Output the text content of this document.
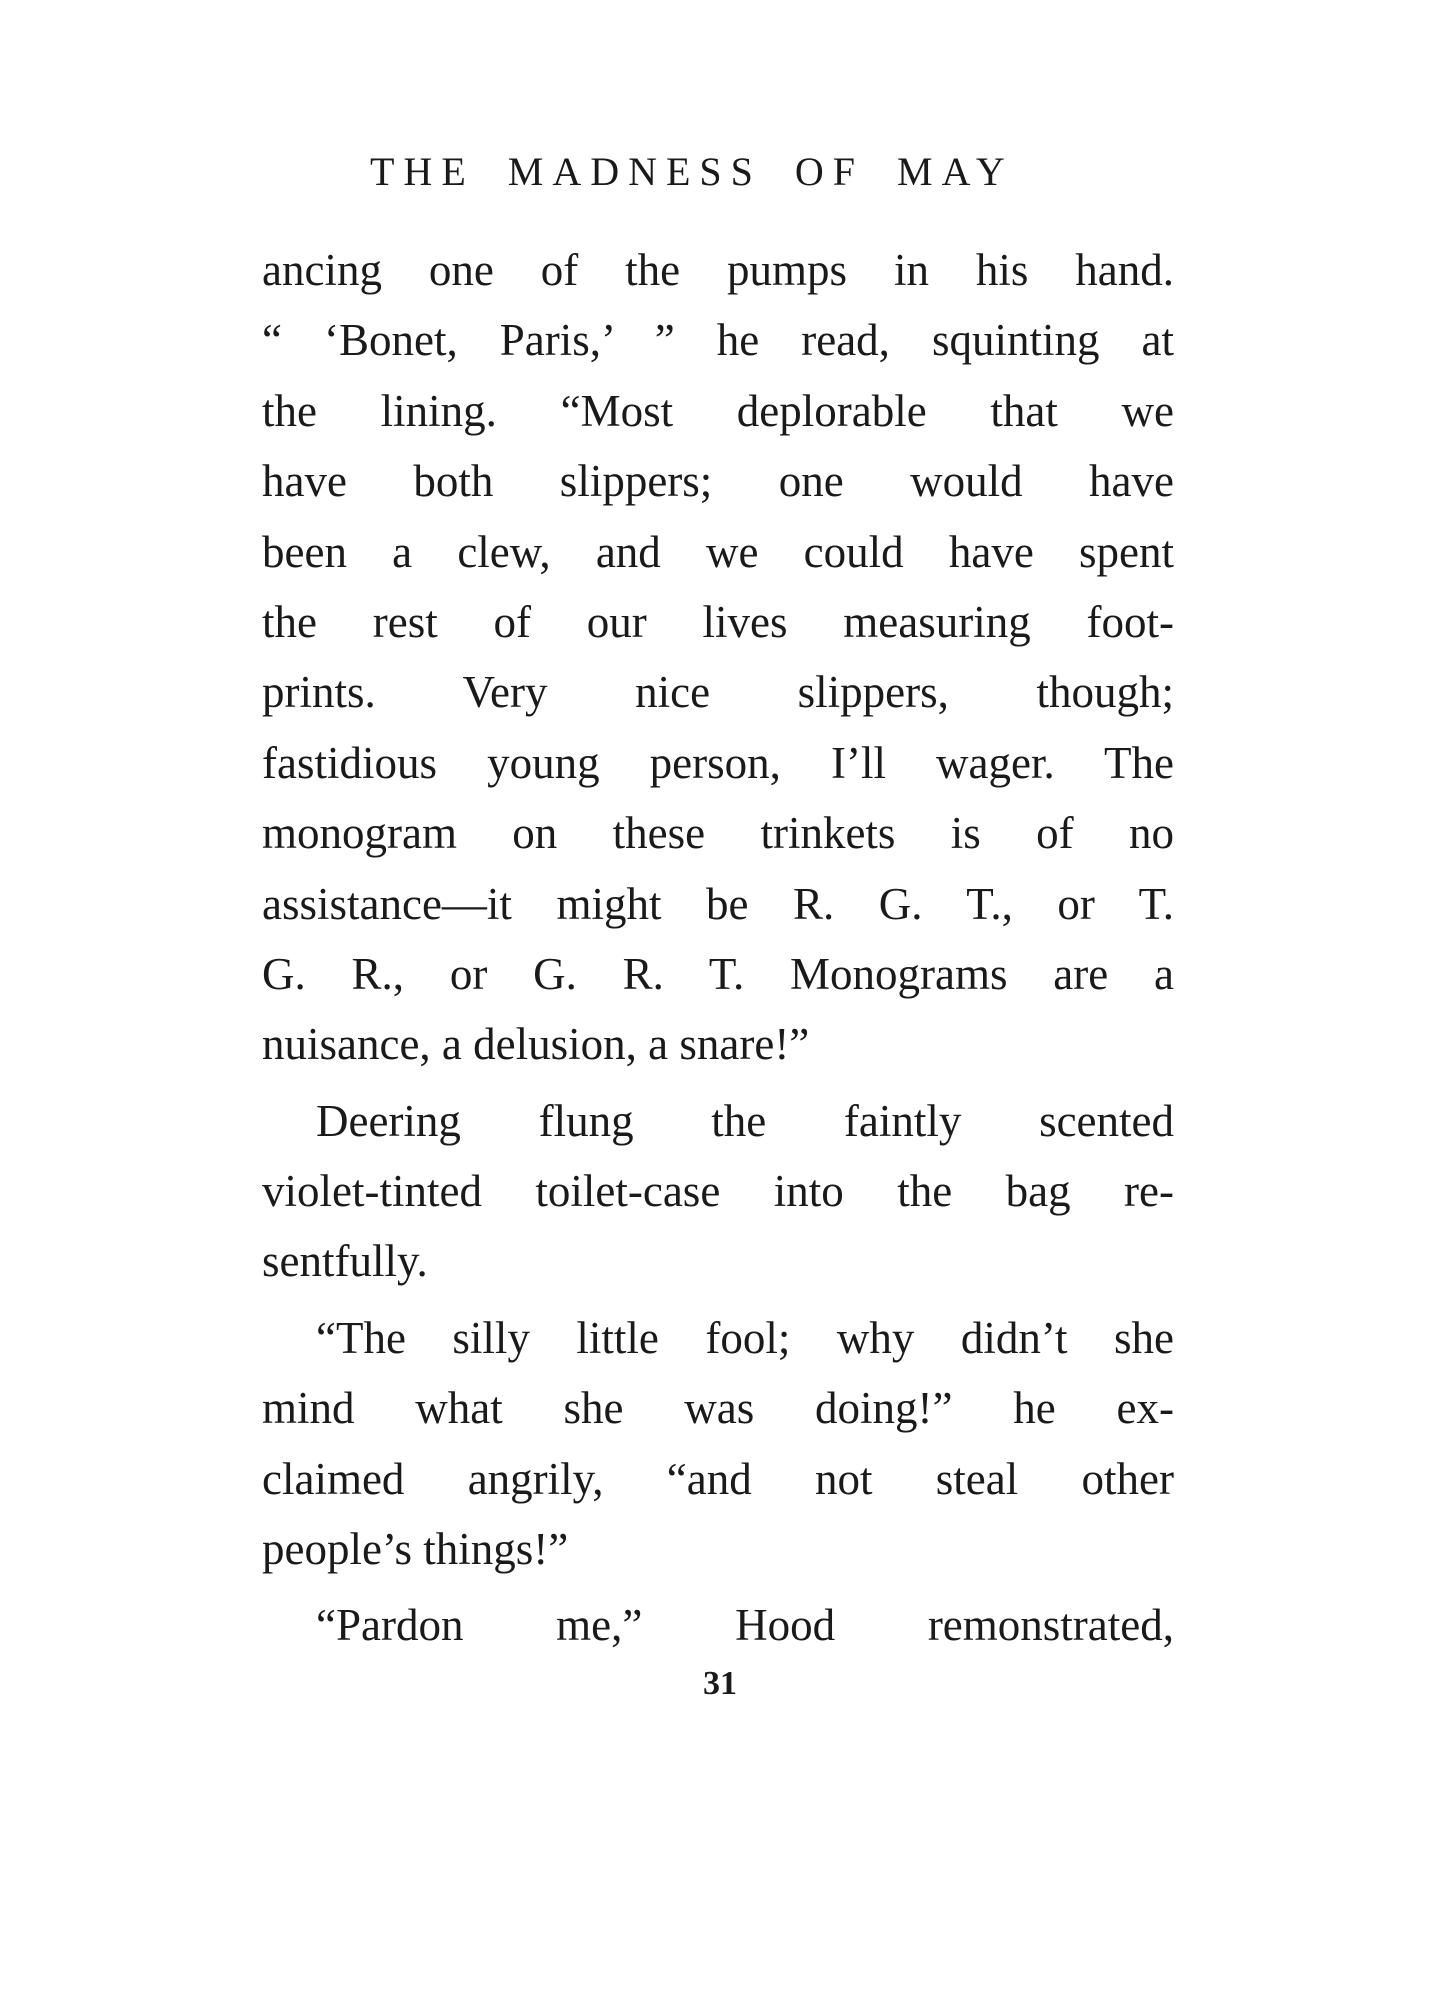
THE MADNESS OF MAY
ancing one of the pumps in his hand.
“ ‘Bonet, Paris,’ ” he read, squinting at
the lining. “Most deplorable that we
have both slippers; one would have
been a clew, and we could have spent
the rest of our lives measuring foot-
prints. Very nice slippers, though;
fastidious young person, I’ll wager. The
monogram on these trinkets is of no
assistance—it might be R. G. T., or T.
G. R., or G. R. T. Monograms are a
nuisance, a delusion, a snare!”
Deering flung the faintly scented
violet-tinted toilet-case into the bag re-
sentfully.
“The silly little fool; why didn’t she
mind what she was doing!” he ex-
claimed angrily, “and not steal other
people’s things!”
“Pardon me,” Hood remonstrated,
31
